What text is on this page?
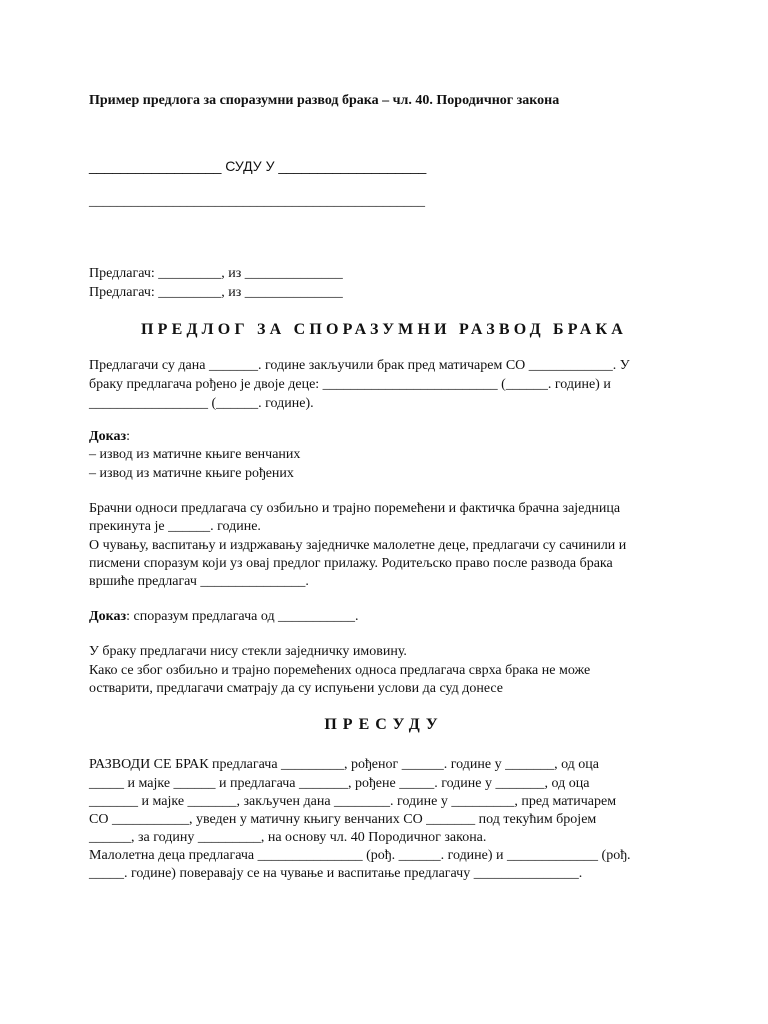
Пример предлога за споразумни развод брака – чл. 40. Породичног закона
_________________ СУДУ У ___________________
________________________________________________
Предлагач: _________, из ______________
Предлагач: _________, из ______________
ПРЕДЛОГ ЗА СПОРАЗУМНИ РАЗВОД БРАКА
Предлагачи су дана _______. године закључили брак пред матичарем СО ____________. У
браку предлагача рођено је двоје деце: _________________________ (______. године) и
_________________ (______. године).
Доказ:
– извод из матичне књиге венчаних
– извод из матичне књиге рођених
Брачни односи предлагача су озбиљно и трајно поремећени и фактичка брачна заједница
прекинута је ______. године.
О чувању, васпитању и издржавању заједничке малолетне деце, предлагачи су сачинили и
писмени споразум који уз овај предлог прилажу. Родитељско право после развода брака
вршиће предлагач _______________.
Доказ: споразум предлагача од ___________.
У браку предлагачи нису стекли заједничку имовину.
Како се због озбиљно и трајно поремећених односа предлагача сврха брака не може
остварити, предлагачи сматрају да су испуњени услови да суд донесе
ПРЕСУДУ
РАЗВОДИ СЕ БРАК предлагача _________, рођеног ______. године у _______, од оца
_____ и мајке ______ и предлагача _______, рођене _____. године у _______, од оца
_______ и мајке _______, закључен дана ________. године у _________, пред матичарем
СО ___________, уведен у матичну књигу венчаних СО _______ под текућим бројем
______, за годину _________, на основу чл. 40 Породичног закона.
Малолетна деца предлагача _______________ (рођ. ______. године) и _____________ (рођ.
_____. године) поверавају се на чување и васпитање предлагачу _______________.
